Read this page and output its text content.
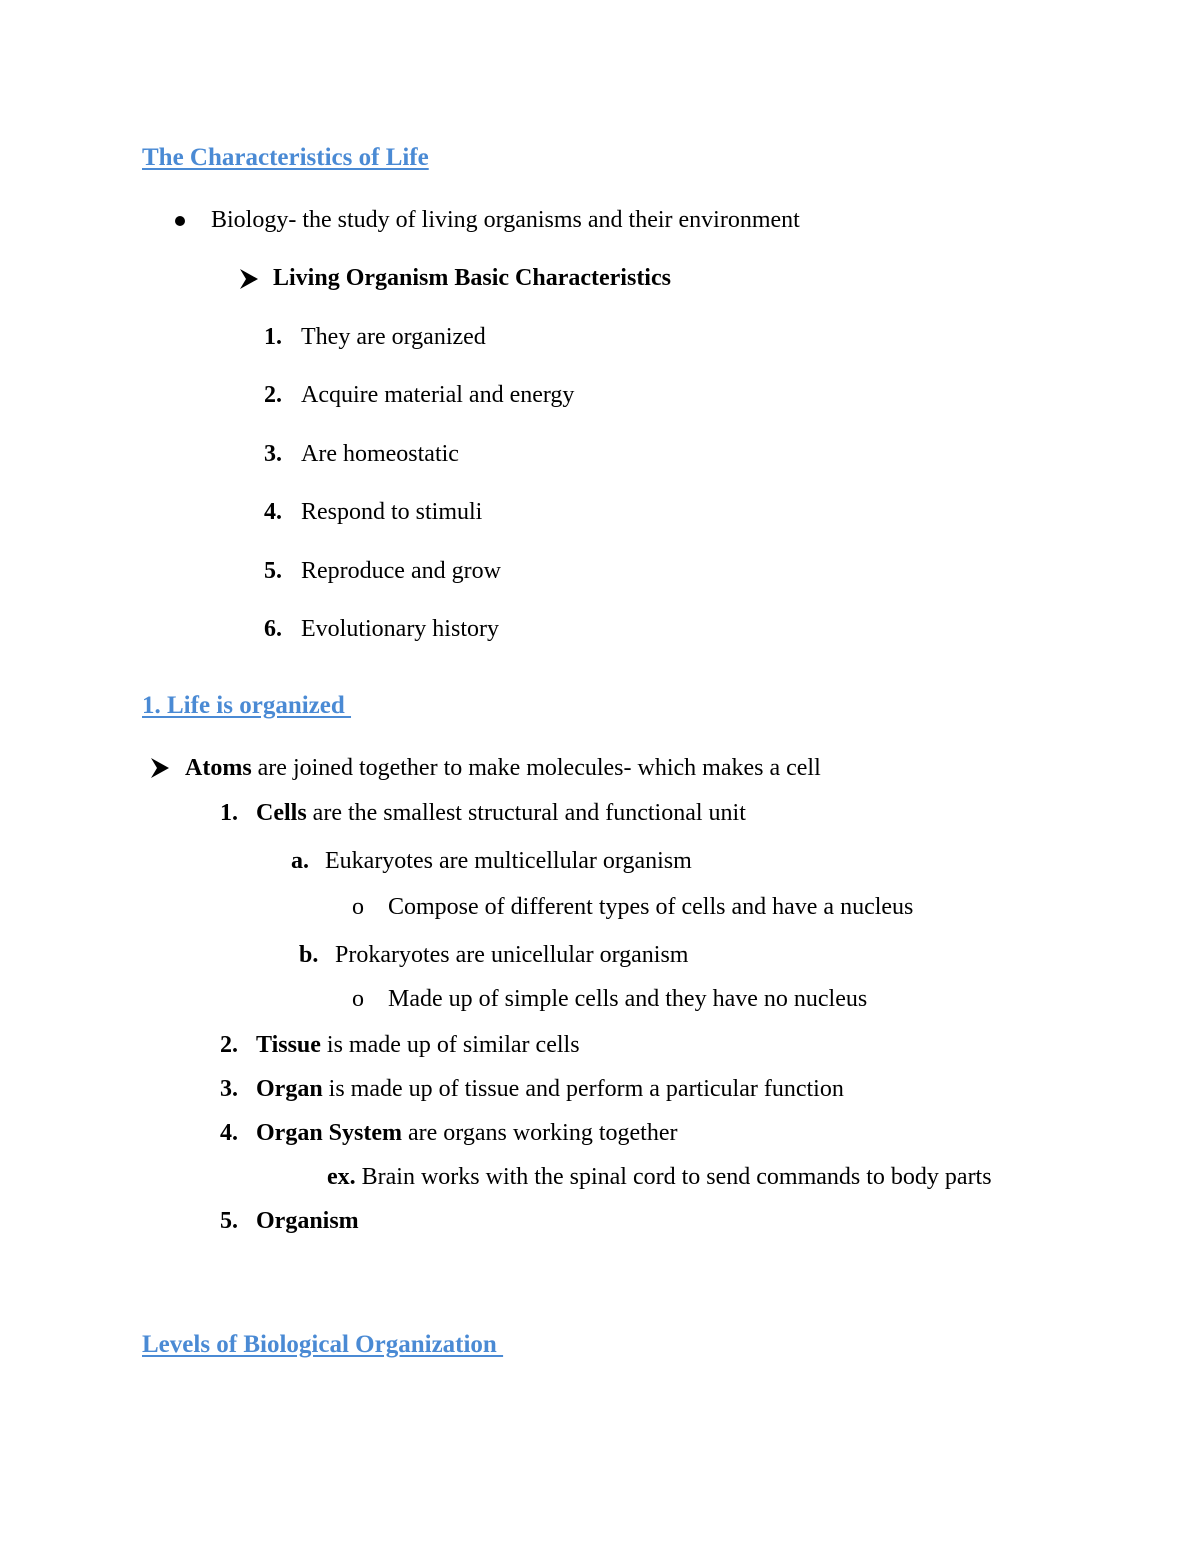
The Characteristics of Life
Biology- the study of living organisms and their environment
Living Organism Basic Characteristics
1. They are organized
2. Acquire material and energy
3. Are homeostatic
4. Respond to stimuli
5. Reproduce and grow
6. Evolutionary history
1. Life is organized
Atoms are joined together to make molecules- which makes a cell
1. Cells are the smallest structural and functional unit
a. Eukaryotes are multicellular organism
o Compose of different types of cells and have a nucleus
b. Prokaryotes are unicellular organism
o Made up of simple cells and they have no nucleus
2. Tissue is made up of similar cells
3. Organ is made up of tissue and perform a particular function
4. Organ System are organs working together
ex. Brain works with the spinal cord to send commands to body parts
5. Organism
Levels of Biological Organization
